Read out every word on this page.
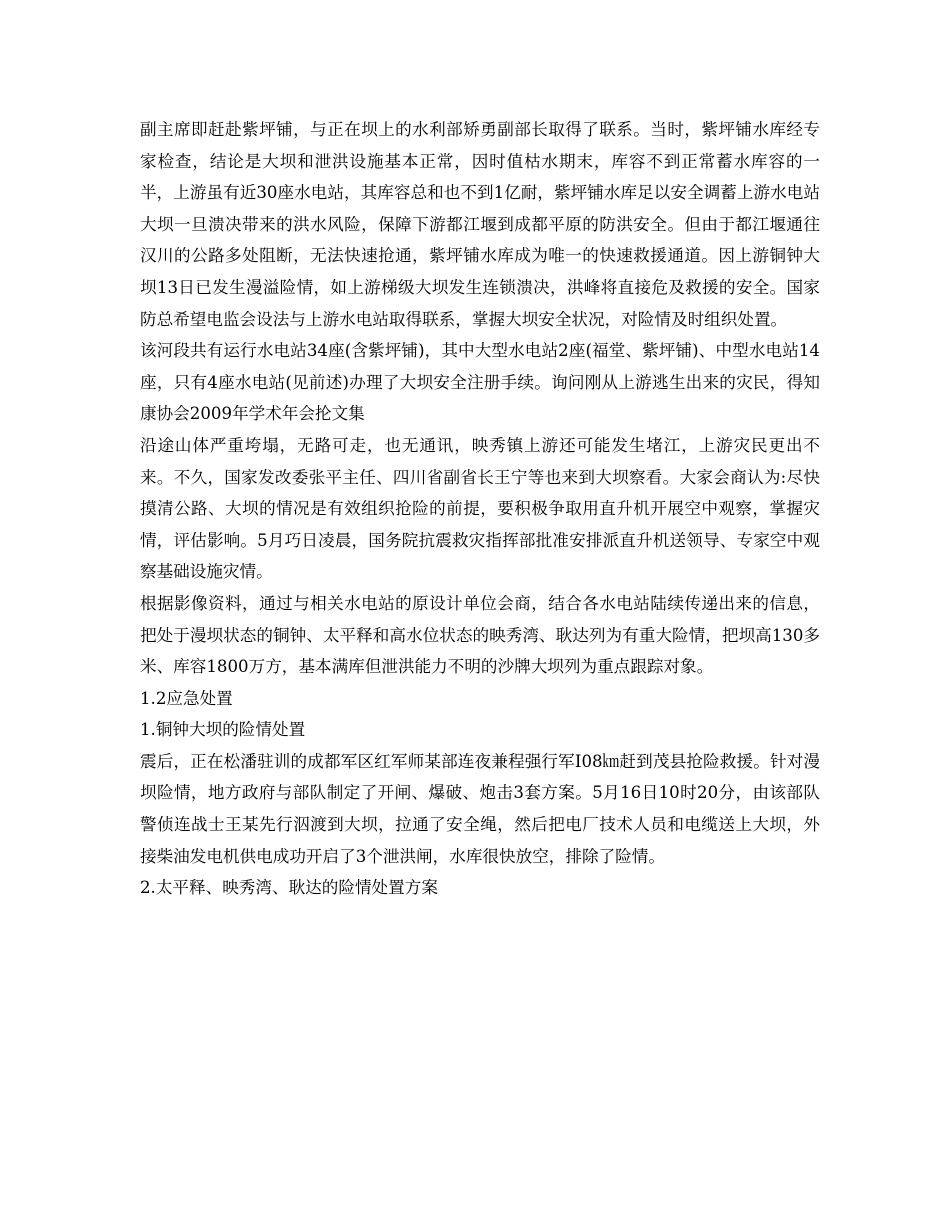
副主席即赶赴紫坪铺，与正在坝上的水利部矫勇副部长取得了联系。当时，紫坪铺水库经专家检查，结论是大坝和泄洪设施基本正常，因时值枯水期末，库容不到正常蓄水库容的一半，上游虽有近30座水电站，其库容总和也不到1亿耐，紫坪铺水库足以安全调蓄上游水电站大坝一旦溃决带来的洪水风险，保障下游都江堰到成都平原的防洪安全。但由于都江堰通往汉川的公路多处阻断，无法快速抢通，紫坪铺水库成为唯一的快速救援通道。因上游铜钟大坝13日已发生漫溢险情，如上游梯级大坝发生连锁溃决，洪峰将直接危及救援的安全。国家防总希望电监会设法与上游水电站取得联系，掌握大坝安全状况，对险情及时组织处置。

该河段共有运行水电站34座(含紫坪铺)，其中大型水电站2座(福堂、紫坪铺)、中型水电站14座，只有4座水电站(见前述)办理了大坝安全注册手续。询问刚从上游逃生出来的灾民，得知康协会2009年学术年会抡文集

沿途山体严重垮塌，无路可走，也无通讯，映秀镇上游还可能发生堵江，上游灾民更出不来。不久，国家发改委张平主任、四川省副省长王宁等也来到大坝察看。大家会商认为:尽快摸清公路、大坝的情况是有效组织抢险的前提，要积极争取用直升机开展空中观察，掌握灾情，评估影响。5月巧日凌晨，国务院抗震救灾指挥部批准安排派直升机送领导、专家空中观察基础设施灾情。

根据影像资料，通过与相关水电站的原设计单位会商，结合各水电站陆续传递出来的信息，把处于漫坝状态的铜钟、太平释和高水位状态的映秀湾、耿达列为有重大险情，把坝高130多米、库容1800万方，基本满库但泄洪能力不明的沙牌大坝列为重点跟踪对象。

1.2应急处置

1.铜钟大坝的险情处置

震后，正在松潘驻训的成都军区红军师某部连夜兼程强行军I08㎞赶到茂县抢险救援。针对漫坝险情，地方政府与部队制定了开闸、爆破、炮击3套方案。5月16日10时20分，由该部队警侦连战士王某先行泅渡到大坝，拉通了安全绳，然后把电厂技术人员和电缆送上大坝，外接柴油发电机供电成功开启了3个泄洪闸，水库很快放空，排除了险情。

2.太平释、映秀湾、耿达的险情处置方案
